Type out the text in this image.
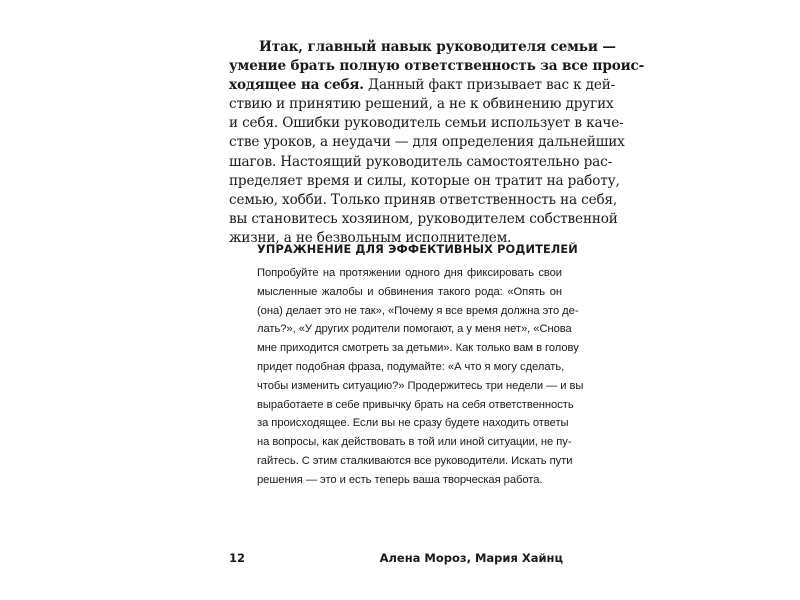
Итак, главный навык руководителя семьи —
умение брать полную ответственность за все проис-
ходящее на себя. Данный факт призывает вас к дей-
ствию и принятию решений, а не к обвинению других
и себя. Ошибки руководитель семьи использует в каче-
стве уроков, а неудачи — для определения дальнейших
шагов. Настоящий руководитель самостоятельно рас-
пределяет время и силы, которые он тратит на работу,
семью, хобби. Только приняв ответственность на себя,
вы становитесь хозяином, руководителем собственной
жизни, а не безвольным исполнителем.
УПРАЖНЕНИЕ ДЛЯ ЭФФЕКТИВНЫХ РОДИТЕЛЕЙ
Попробуйте на протяжении одного дня фиксировать свои
мысленные жалобы и обвинения такого рода: «Опять он
(она) делает это не так», «Почему я все время должна это де-
лать?», «У других родители помогают, а у меня нет», «Снова
мне приходится смотреть за детьми». Как только вам в голову
придет подобная фраза, подумайте: «А что я могу сделать,
чтобы изменить ситуацию?» Продержитесь три недели — и вы
выработаете в себе привычку брать на себя ответственность
за происходящее. Если вы не сразу будете находить ответы
на вопросы, как действовать в той или иной ситуации, не пу-
гайтесь. С этим сталкиваются все руководители. Искать пути
решения — это и есть теперь ваша творческая работа.
12	Алена Мороз, Мария Хайнц
